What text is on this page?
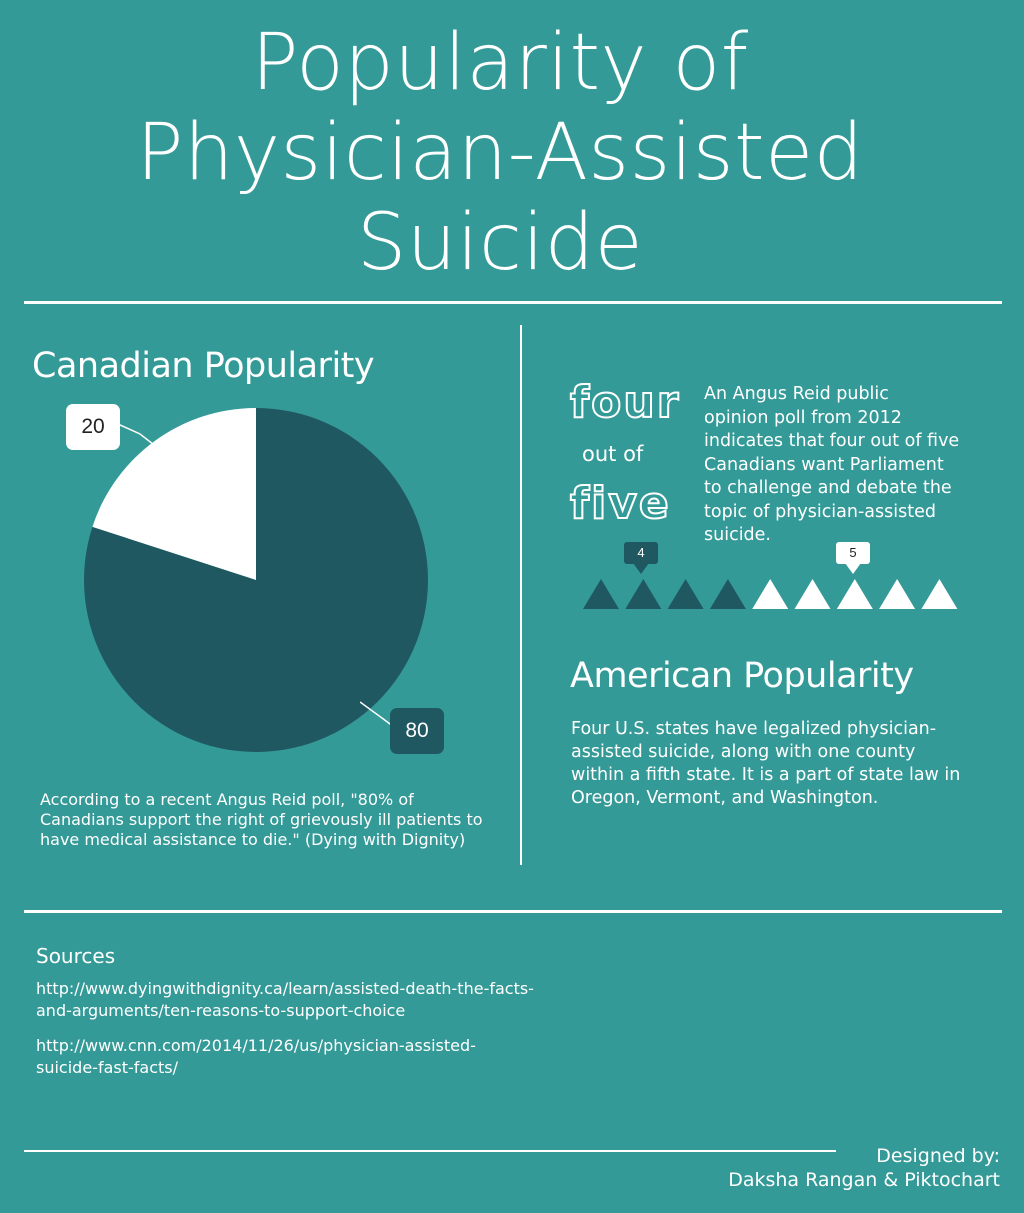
Popularity of
Physician-Assisted
Suicide
Canadian Popularity
20
80
According to a recent Angus Reid poll, "80% of
Canadians support the right of grievously ill patients to
have medical assistance to die." (Dying with Dignity)
four
out of
five
An Angus Reid public
opinion poll from 2012
indicates that four out of five
Canadians want Parliament
to challenge and debate the
topic of physician-assisted
suicide.
4	5
American Popularity
Four U.S. states have legalized physician-
assisted suicide, along with one county
within a fifth state. It is a part of state law in
Oregon, Vermont, and Washington.
Sources
http://www.dyingwithdignity.ca/learn/assisted-death-the-facts-
and-arguments/ten-reasons-to-support-choice
http://www.cnn.com/2014/11/26/us/physician-assisted-
suicide-fast-facts/
Designed by:
Daksha Rangan & Piktochart
